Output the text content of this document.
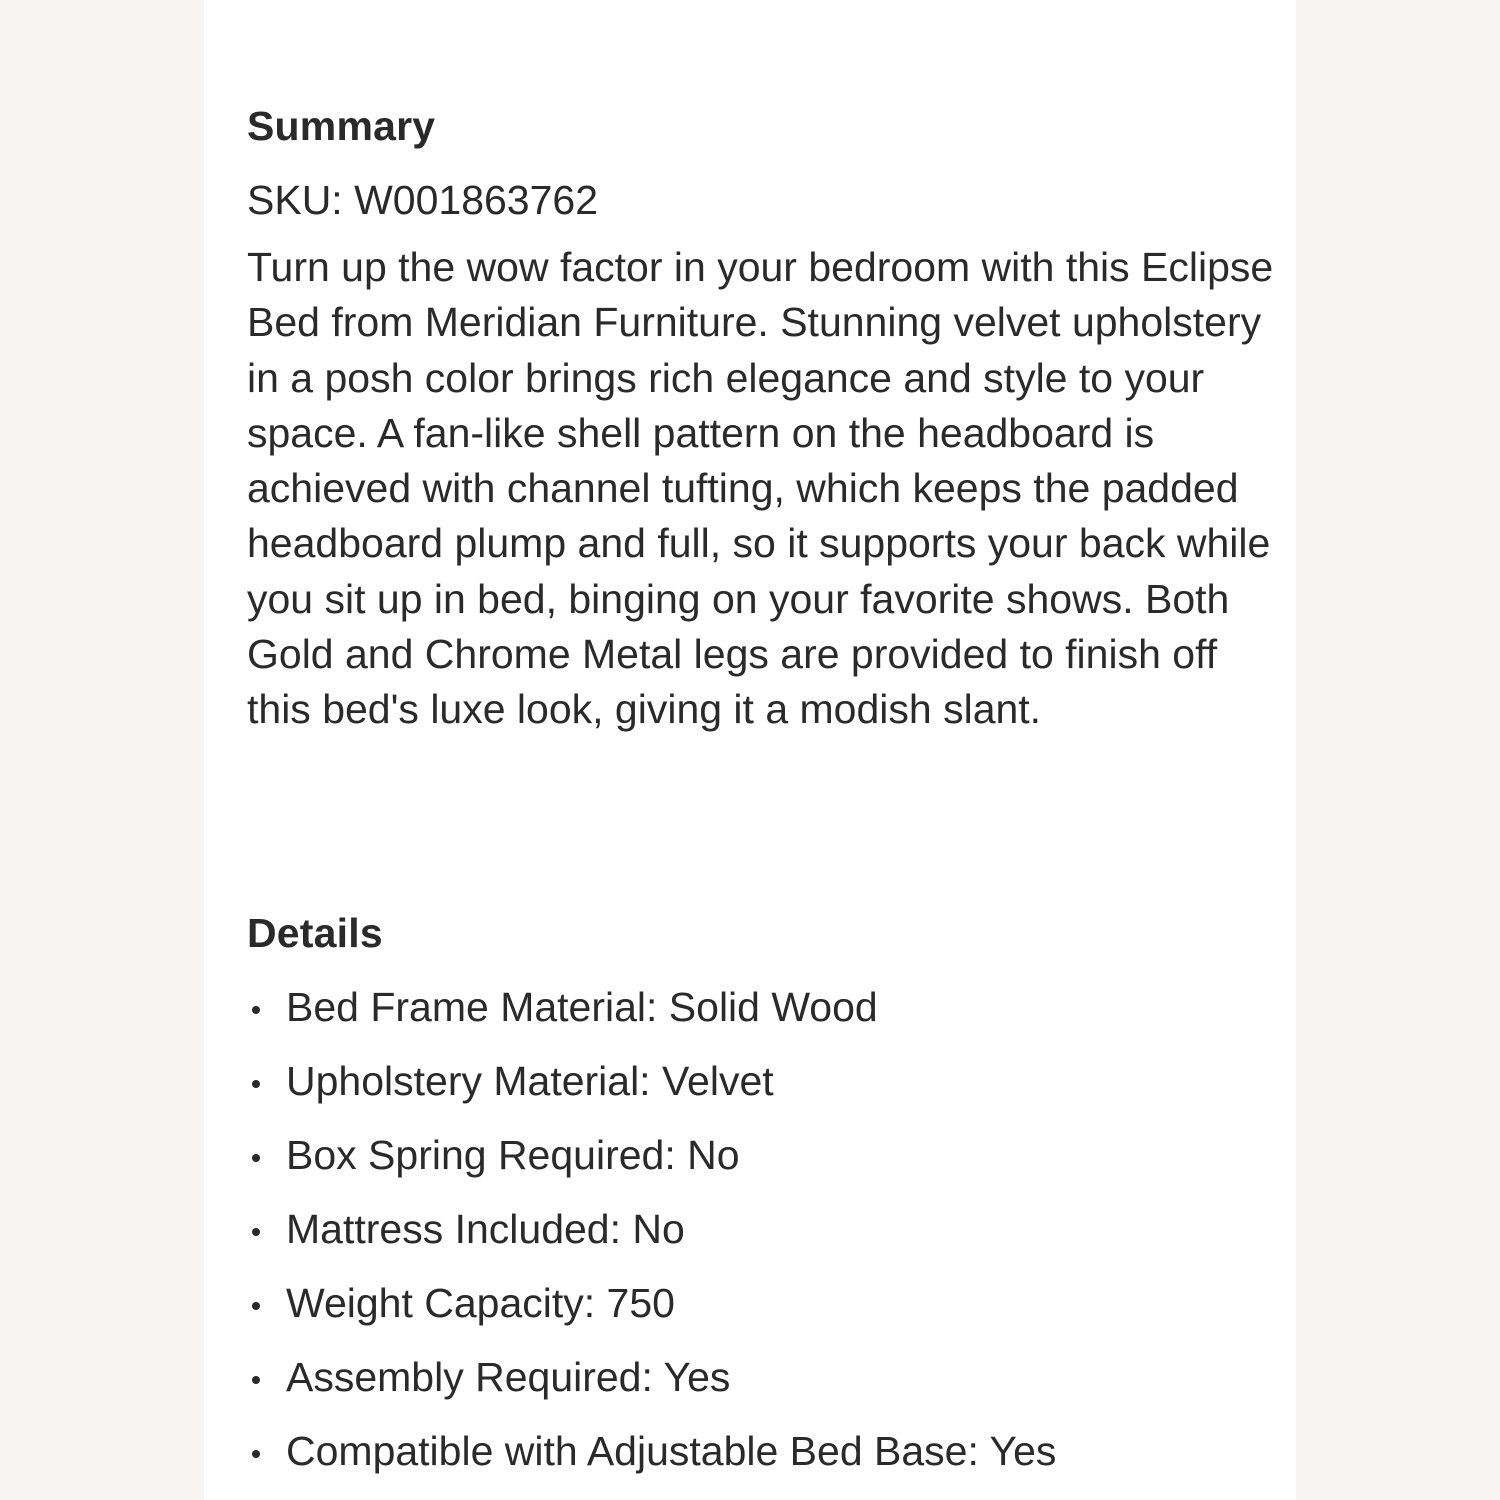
Summary

SKU: W001863762

Turn up the wow factor in your bedroom with this Eclipse Bed from Meridian Furniture. Stunning velvet upholstery in a posh color brings rich elegance and style to your space. A fan-like shell pattern on the headboard is achieved with channel tufting, which keeps the padded headboard plump and full, so it supports your back while you sit up in bed, binging on your favorite shows. Both Gold and Chrome Metal legs are provided to finish off this bed's luxe look, giving it a modish slant.

Details
Bed Frame Material: Solid Wood
Upholstery Material: Velvet
Box Spring Required: No
Mattress Included: No
Weight Capacity: 750
Assembly Required: Yes
Compatible with Adjustable Bed Base: Yes
